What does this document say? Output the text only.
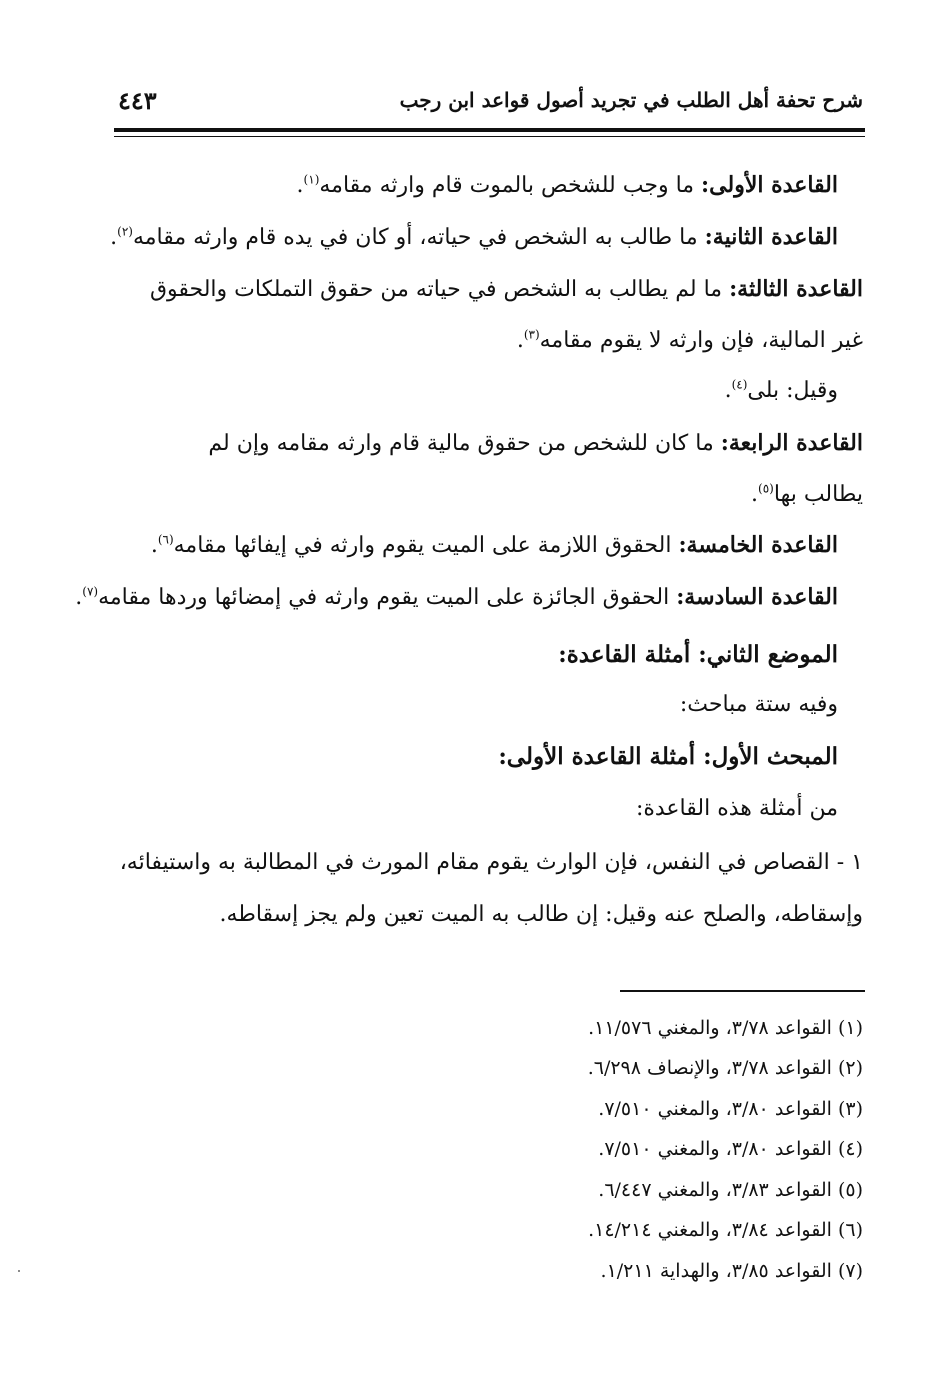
شرح تحفة أهل الطلب في تجريد أصول قواعد ابن رجب
٤٤٣
القاعدة الأولى: ما وجب للشخص بالموت قام وارثه مقامه$^{(١)}$.
القاعدة الثانية: ما طالب به الشخص في حياته، أو كان في يده قام وارثه مقامه$^{(٢)}$.
القاعدة الثالثة: ما لم يطالب به الشخص في حياته من حقوق التملكات والحقوق
غير المالية، فإن وارثه لا يقوم مقامه$^{(٣)}$.
وقيل: بلى$^{(٤)}$.
القاعدة الرابعة: ما كان للشخص من حقوق مالية قام وارثه مقامه وإن لم
يطالب بها$^{(٥)}$.
القاعدة الخامسة: الحقوق اللازمة على الميت يقوم وارثه في إيفائها مقامه$^{(٦)}$.
القاعدة السادسة: الحقوق الجائزة على الميت يقوم وارثه في إمضائها وردها مقامه$^{(٧)}$.
الموضع الثاني: أمثلة القاعدة:
وفيه ستة مباحث:
المبحث الأول: أمثلة القاعدة الأولى:
من أمثلة هذه القاعدة:
١ - القصاص في النفس، فإن الوارث يقوم مقام المورث في المطالبة به واستيفائه،
وإسقاطه، والصلح عنه وقيل: إن طالب به الميت تعين ولم يجز إسقاطه.
(١) القواعد ٣/٧٨، والمغني ١١/٥٧٦.
(٢) القواعد ٣/٧٨، والإنصاف ٦/٢٩٨.
(٣) القواعد ٣/٨٠، والمغني ٧/٥١٠.
(٤) القواعد ٣/٨٠، والمغني ٧/٥١٠.
(٥) القواعد ٣/٨٣، والمغني ٦/٤٤٧.
(٦) القواعد ٣/٨٤، والمغني ١٤/٢١٤.
(٧) القواعد ٣/٨٥، والهداية ١/٢١١.
